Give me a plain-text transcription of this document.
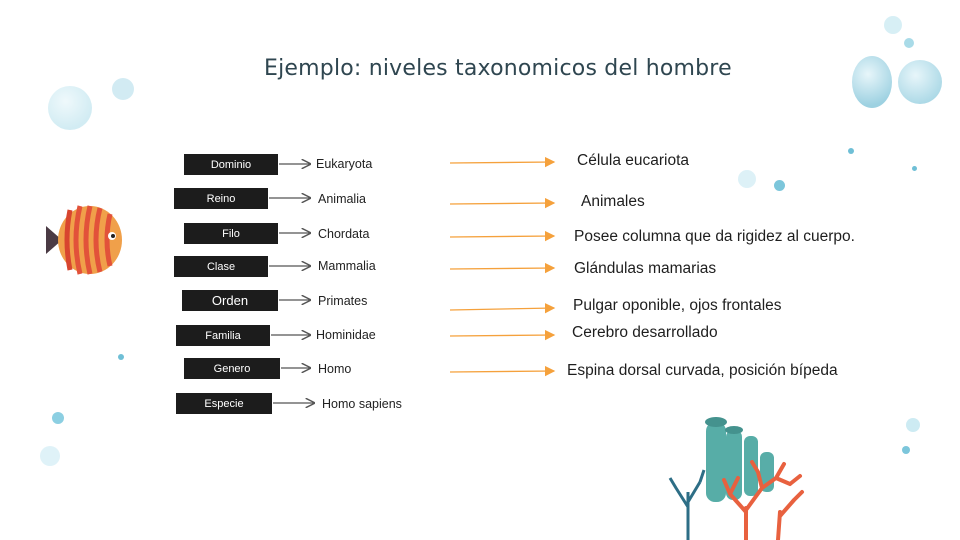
Ejemplo: niveles taxonomicos del hombre
Dominio
Reino
Filo
Clase
Orden
Familia
Genero
Especie
Eukaryota
Animalia
Chordata
Mammalia
Primates
Hominidae
Homo
Homo sapiens
Célula eucariota
Animales
Posee columna que da rigidez al cuerpo.
Glándulas mamarias
Pulgar oponible, ojos frontales
Cerebro desarrollado
Espina dorsal curvada, posición bípeda
